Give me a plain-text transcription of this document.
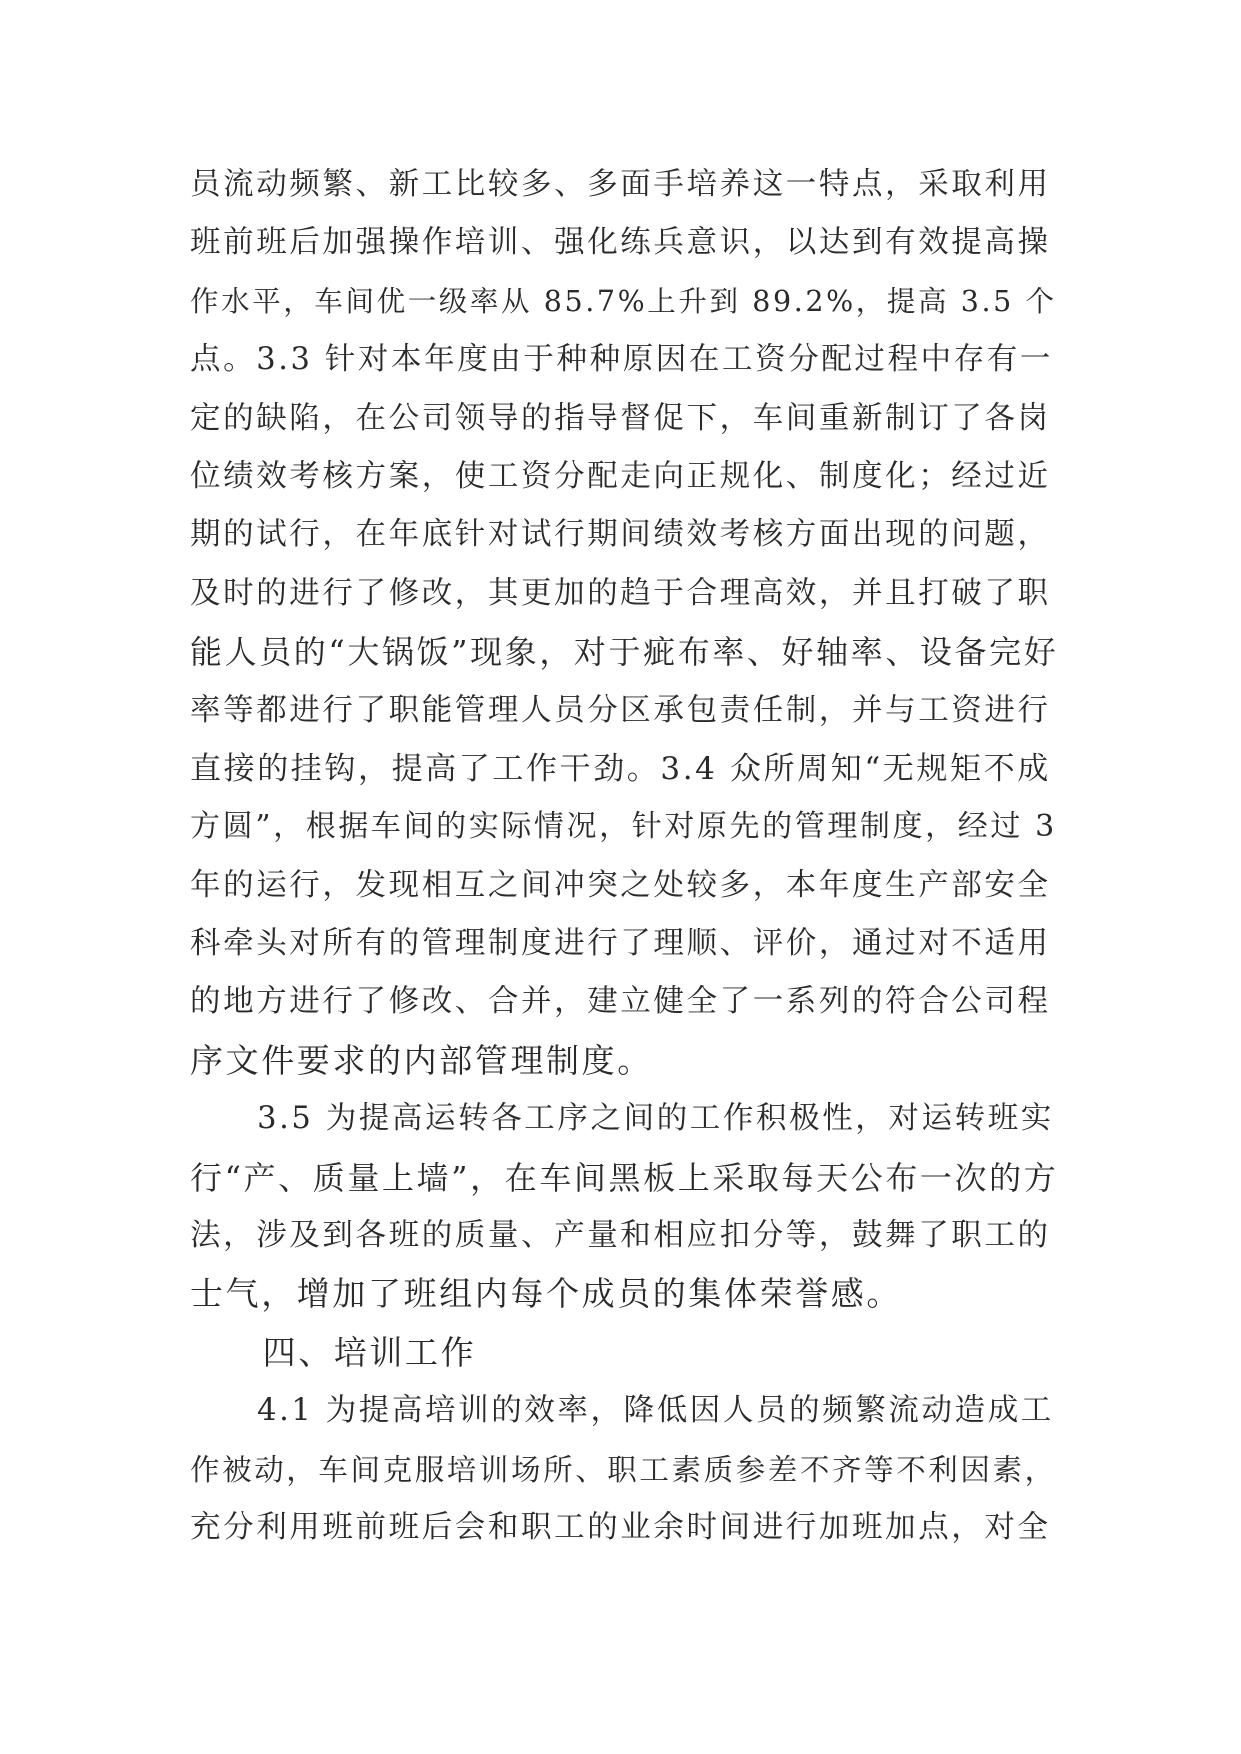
员流动频繁、新工比较多、多面手培养这一特点，采取利用

班前班后加强操作培训、强化练兵意识，以达到有效提高操

作水平，车间优一级率从 85.7%上升到 89.2%，提高 3.5 个

点。3.3 针对本年度由于种种原因在工资分配过程中存有一

定的缺陷，在公司领导的指导督促下，车间重新制订了各岗

位绩效考核方案，使工资分配走向正规化、制度化；经过近

期的试行，在年底针对试行期间绩效考核方面出现的问题，

及时的进行了修改，其更加的趋于合理高效，并且打破了职

能人员的“大锅饭”现象，对于疵布率、好轴率、设备完好

率等都进行了职能管理人员分区承包责任制，并与工资进行

直接的挂钩，提高了工作干劲。3.4 众所周知“无规矩不成

方圆”，根据车间的实际情况，针对原先的管理制度，经过 3

年的运行，发现相互之间冲突之处较多，本年度生产部安全

科牵头对所有的管理制度进行了理顺、评价，通过对不适用

的地方进行了修改、合并，建立健全了一系列的符合公司程

序文件要求的内部管理制度。

3.5 为提高运转各工序之间的工作积极性，对运转班实

行“产、质量上墙”，在车间黑板上采取每天公布一次的方

法，涉及到各班的质量、产量和相应扣分等，鼓舞了职工的

士气，增加了班组内每个成员的集体荣誉感。

四、培训工作

4.1 为提高培训的效率，降低因人员的频繁流动造成工

作被动，车间克服培训场所、职工素质参差不齐等不利因素，

充分利用班前班后会和职工的业余时间进行加班加点，对全
